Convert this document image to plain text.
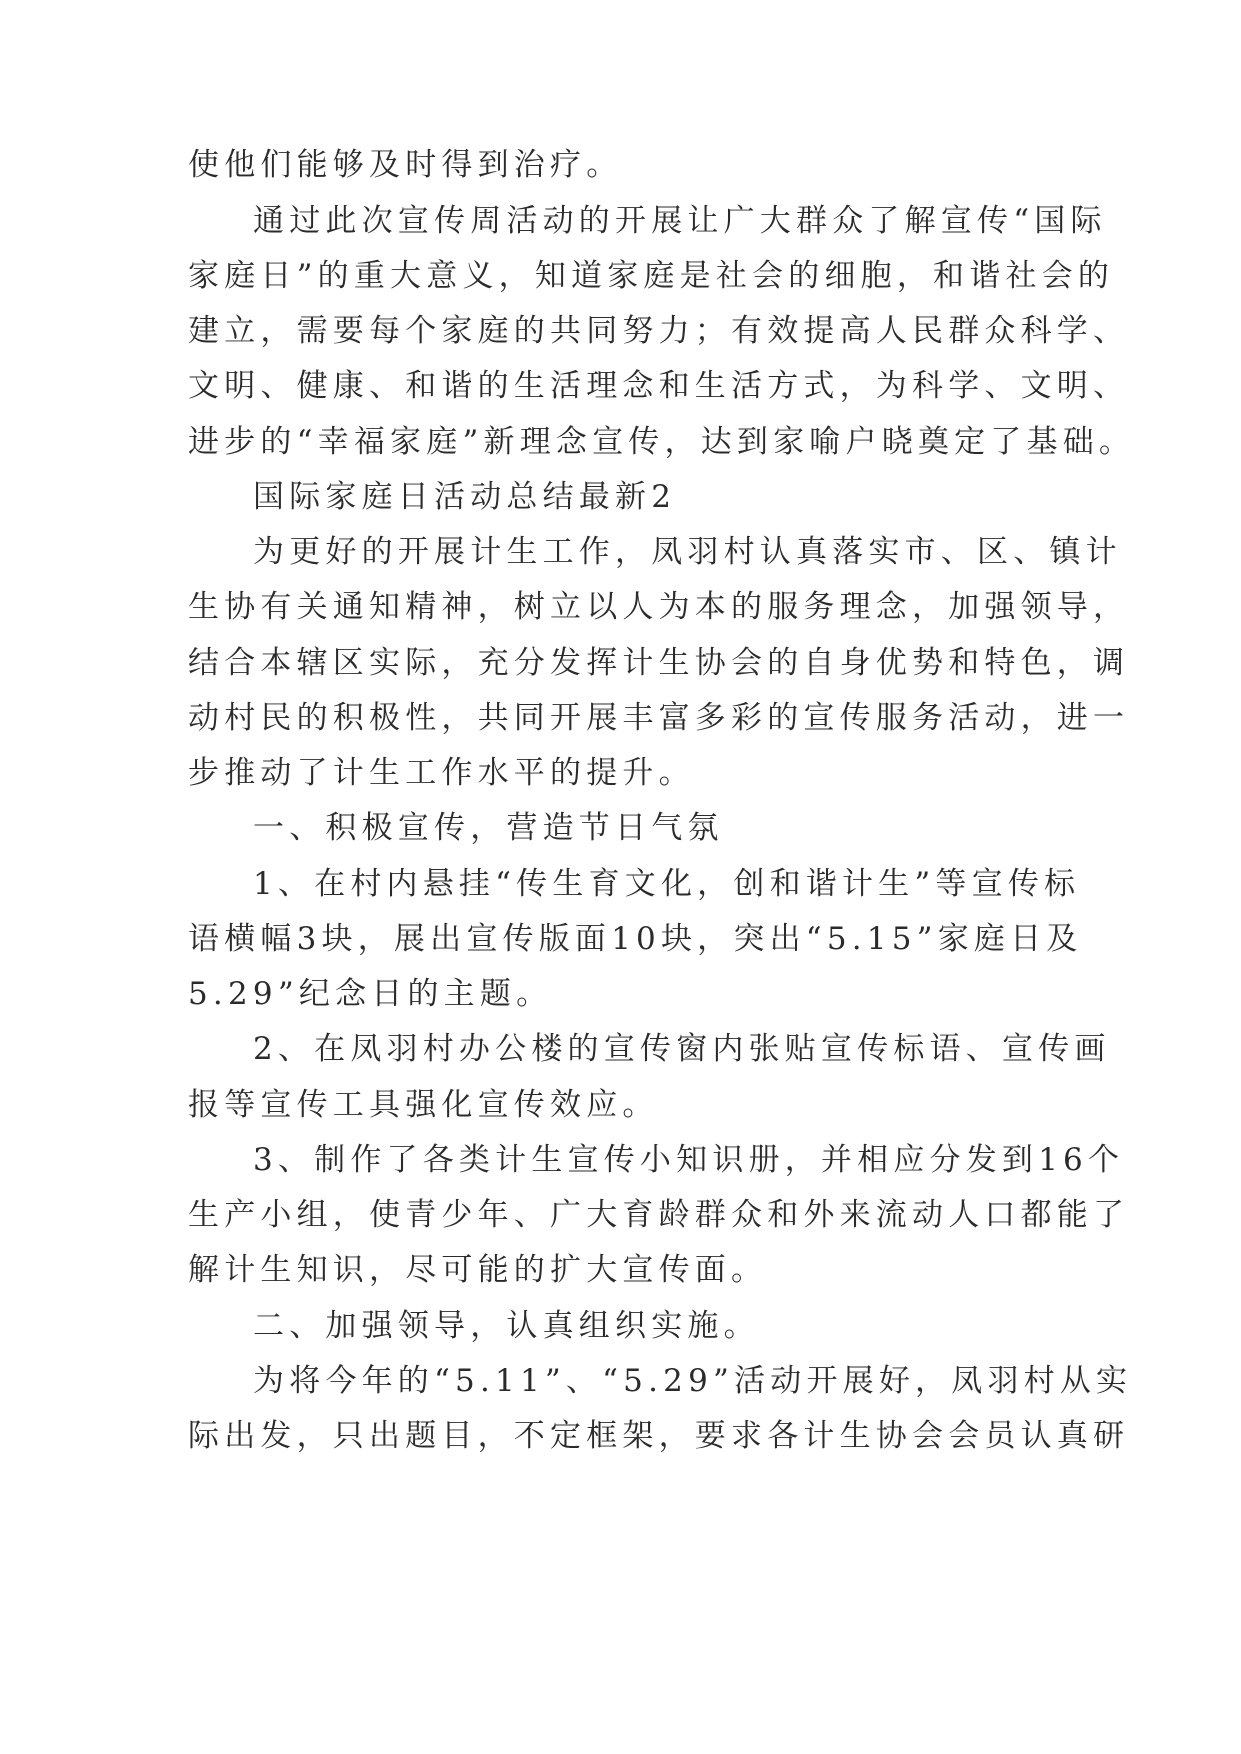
使他们能够及时得到治疗。
通过此次宣传周活动的开展让广大群众了解宣传“国际
家庭日”的重大意义，知道家庭是社会的细胞，和谐社会的
建立，需要每个家庭的共同努力；有效提高人民群众科学、
文明、健康、和谐的生活理念和生活方式，为科学、文明、
进步的“幸福家庭”新理念宣传，达到家喻户晓奠定了基础。
国际家庭日活动总结最新2
为更好的开展计生工作，凤羽村认真落实市、区、镇计
生协有关通知精神，树立以人为本的服务理念，加强领导，
结合本辖区实际，充分发挥计生协会的自身优势和特色，调
动村民的积极性，共同开展丰富多彩的宣传服务活动，进一
步推动了计生工作水平的提升。
一、积极宣传，营造节日气氛
1、在村内悬挂“传生育文化，创和谐计生”等宣传标
语横幅3块，展出宣传版面10块，突出“5.15”家庭日及
5.29”纪念日的主题。
2、在凤羽村办公楼的宣传窗内张贴宣传标语、宣传画
报等宣传工具强化宣传效应。
3、制作了各类计生宣传小知识册，并相应分发到16个
生产小组，使青少年、广大育龄群众和外来流动人口都能了
解计生知识，尽可能的扩大宣传面。
二、加强领导，认真组织实施。
为将今年的“5.11”、“5.29”活动开展好，凤羽村从实
际出发，只出题目，不定框架，要求各计生协会会员认真研
